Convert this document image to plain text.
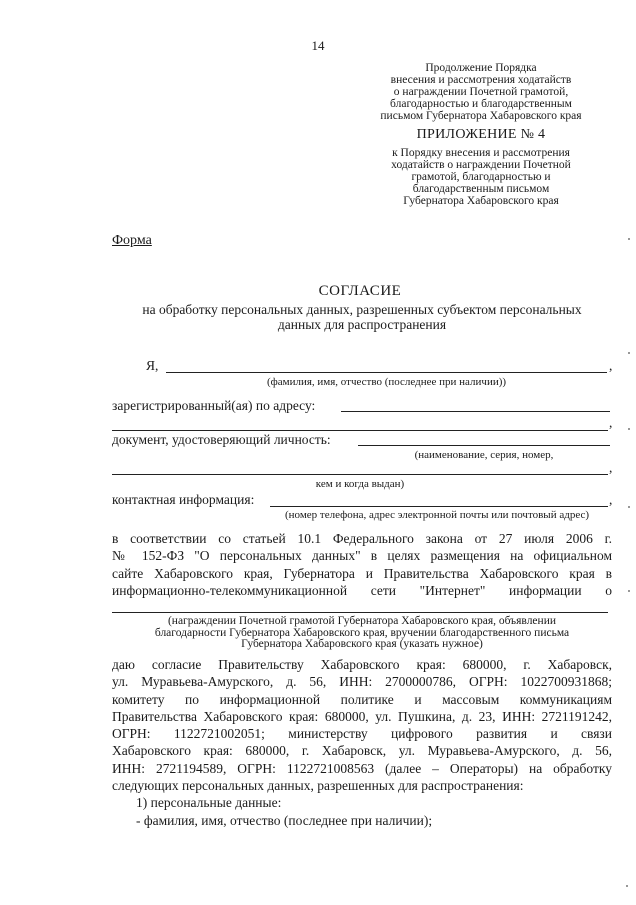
14
Продолжение Порядка
внесения и рассмотрения ходатайств
о награждении Почетной грамотой,
благодарностью и благодарственным
письмом Губернатора Хабаровского края
ПРИЛОЖЕНИЕ № 4
к Порядку внесения и рассмотрения
ходатайств о награждении Почетной
грамотой, благодарностью и
благодарственным письмом
Губернатора Хабаровского края
Форма
СОГЛАСИЕ
на обработку персональных данных, разрешенных субъектом персональных
данных для распространения
Я,	,
(фамилия, имя, отчество (последнее при наличии))
зарегистрированный(ая) по адресу:
,
документ, удостоверяющий личность:
(наименование, серия, номер,
,
кем и когда выдан)
контактная информация:	,
(номер телефона, адрес электронной почты или почтовый адрес)
в соответствии со статьей 10.1 Федерального закона от 27 июля 2006 г.
№ 152-ФЗ "О персональных данных" в целях размещения на официальном
сайте Хабаровского края, Губернатора и Правительства Хабаровского края в
информационно-телекоммуникационной сети "Интернет" информации о
(награждении Почетной грамотой Губернатора Хабаровского края, объявлении
благодарности Губернатора Хабаровского края, вручении благодарственного письма
Губернатора Хабаровского края (указать нужное)
даю согласие Правительству Хабаровского края: 680000, г. Хабаровск,
ул. Муравьева-Амурского, д. 56, ИНН: 2700000786, ОГРН: 1022700931868;
комитету по информационной политике и массовым коммуникациям
Правительства Хабаровского края: 680000, ул. Пушкина, д. 23, ИНН: 2721191242,
ОГРН: 1122721002051; министерству цифрового развития и связи
Хабаровского края: 680000, г. Хабаровск, ул. Муравьева-Амурского, д. 56,
ИНН: 2721194589, ОГРН: 1122721008563 (далее – Операторы) на обработку
следующих персональных данных, разрешенных для распространения:
1) персональные данные:
- фамилия, имя, отчество (последнее при наличии);
